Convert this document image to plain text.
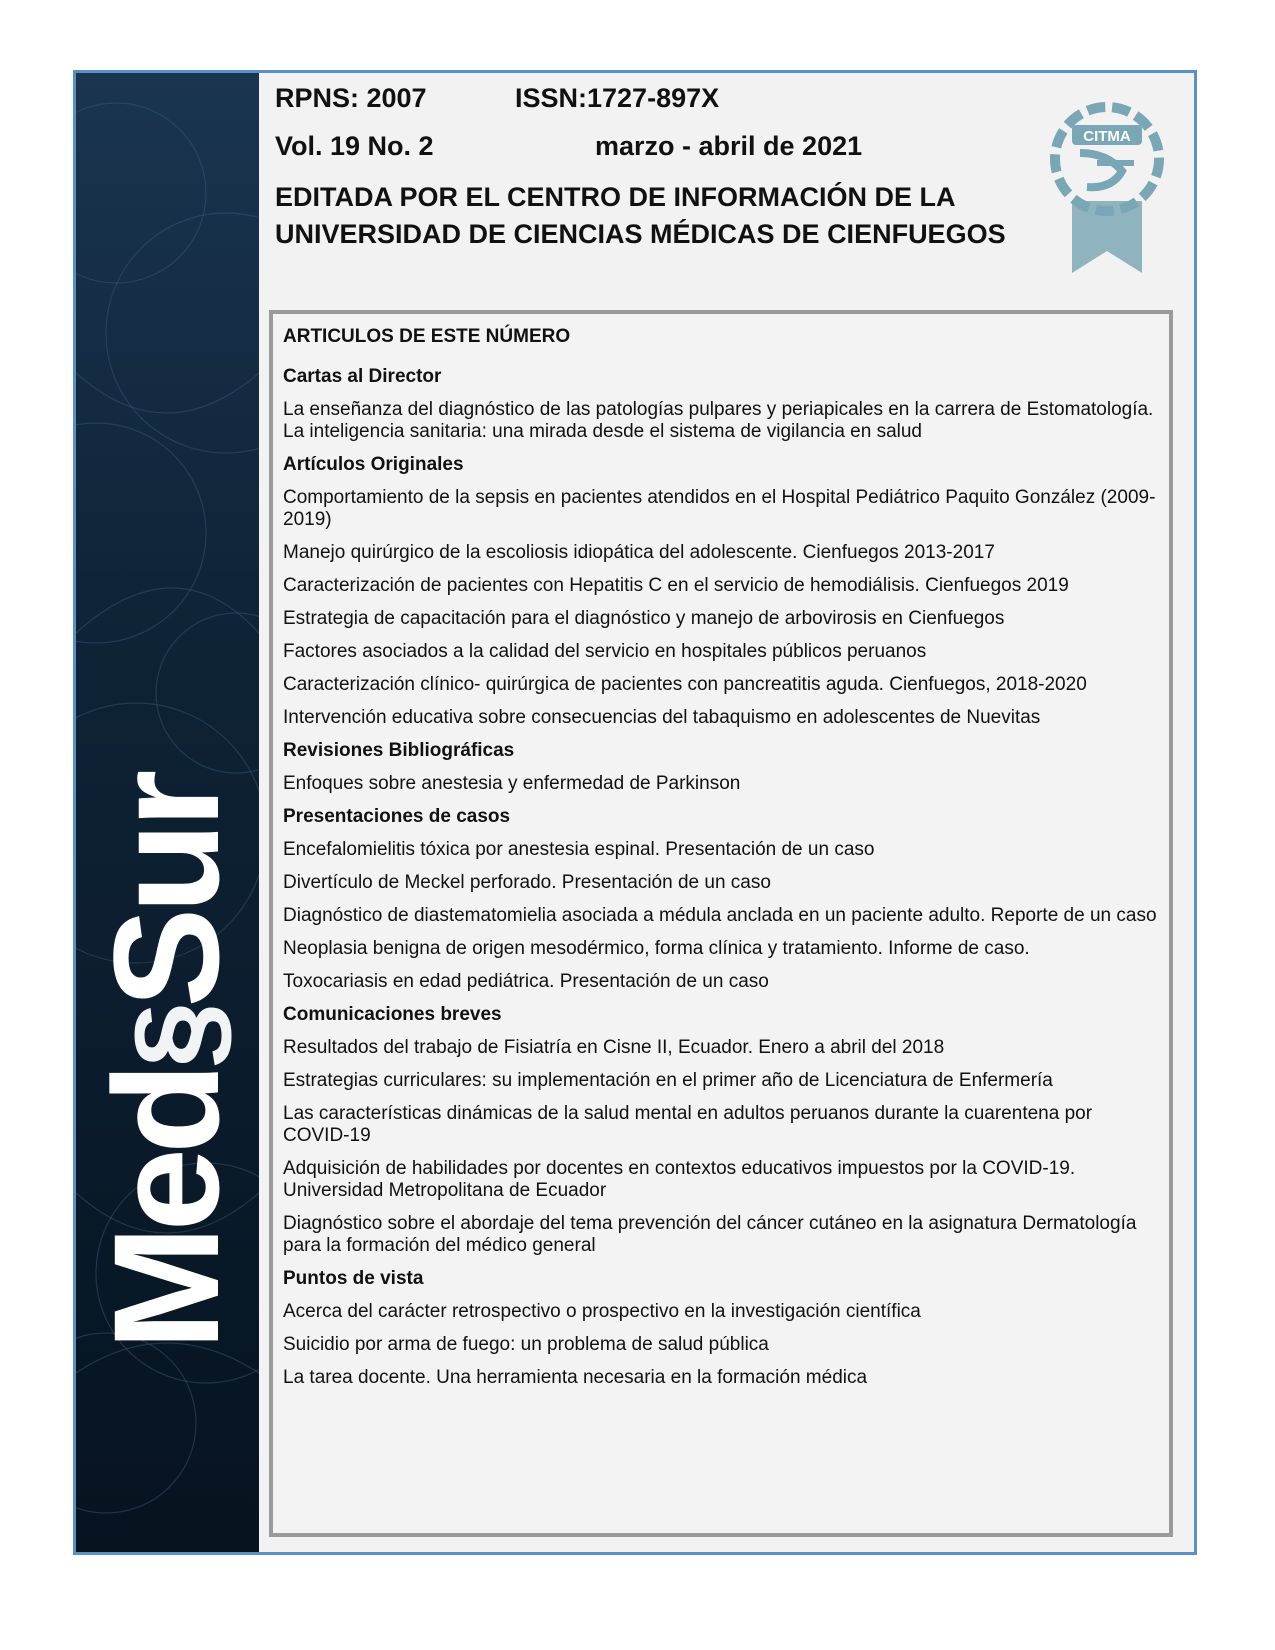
Med§Sur
RPNS: 2007	ISSN:1727-897X
Vol. 19 No. 2	marzo - abril de 2021
EDITADA POR EL CENTRO DE INFORMACIÓN DE LA
UNIVERSIDAD DE CIENCIAS MÉDICAS DE CIENFUEGOS
CITMA
ARTICULOS DE ESTE NÚMERO
Cartas al Director
La enseñanza del diagnóstico de las patologías pulpares y periapicales en la carrera de Estomatología.
La inteligencia sanitaria: una mirada desde el sistema de vigilancia en salud
Artículos Originales
Comportamiento de la sepsis en pacientes atendidos en el Hospital Pediátrico Paquito González (2009-2019)
Manejo quirúrgico de la escoliosis idiopática del adolescente. Cienfuegos 2013-2017
Caracterización de pacientes con Hepatitis C en el servicio de hemodiálisis. Cienfuegos 2019
Estrategia de capacitación para el diagnóstico y manejo de arbovirosis en Cienfuegos
Factores asociados a la calidad del servicio en hospitales públicos peruanos
Caracterización clínico- quirúrgica de pacientes con pancreatitis aguda. Cienfuegos, 2018-2020
Intervención educativa sobre consecuencias del tabaquismo en adolescentes de Nuevitas
Revisiones Bibliográficas
Enfoques sobre anestesia y enfermedad de Parkinson
Presentaciones de casos
Encefalomielitis tóxica por anestesia espinal. Presentación de un caso
Divertículo de Meckel perforado. Presentación de un caso
Diagnóstico de diastematomielia asociada a médula anclada en un paciente adulto. Reporte de un caso
Neoplasia benigna de origen mesodérmico, forma clínica y tratamiento. Informe de caso.
Toxocariasis en edad pediátrica. Presentación de un caso
Comunicaciones breves
Resultados del trabajo de Fisiatría en Cisne II, Ecuador. Enero a abril del 2018
Estrategias curriculares: su implementación en el primer año de Licenciatura de Enfermería
Las características dinámicas de la salud mental en adultos peruanos durante la cuarentena por COVID-19
Adquisición de habilidades por docentes en contextos educativos impuestos por la COVID-19. Universidad Metropolitana de Ecuador
Diagnóstico sobre el abordaje del tema prevención del cáncer cutáneo en la asignatura Dermatología para la formación del médico general
Puntos de vista
Acerca del carácter retrospectivo o prospectivo en la investigación científica
Suicidio por arma de fuego: un problema de salud pública
La tarea docente. Una herramienta necesaria en la formación médica
